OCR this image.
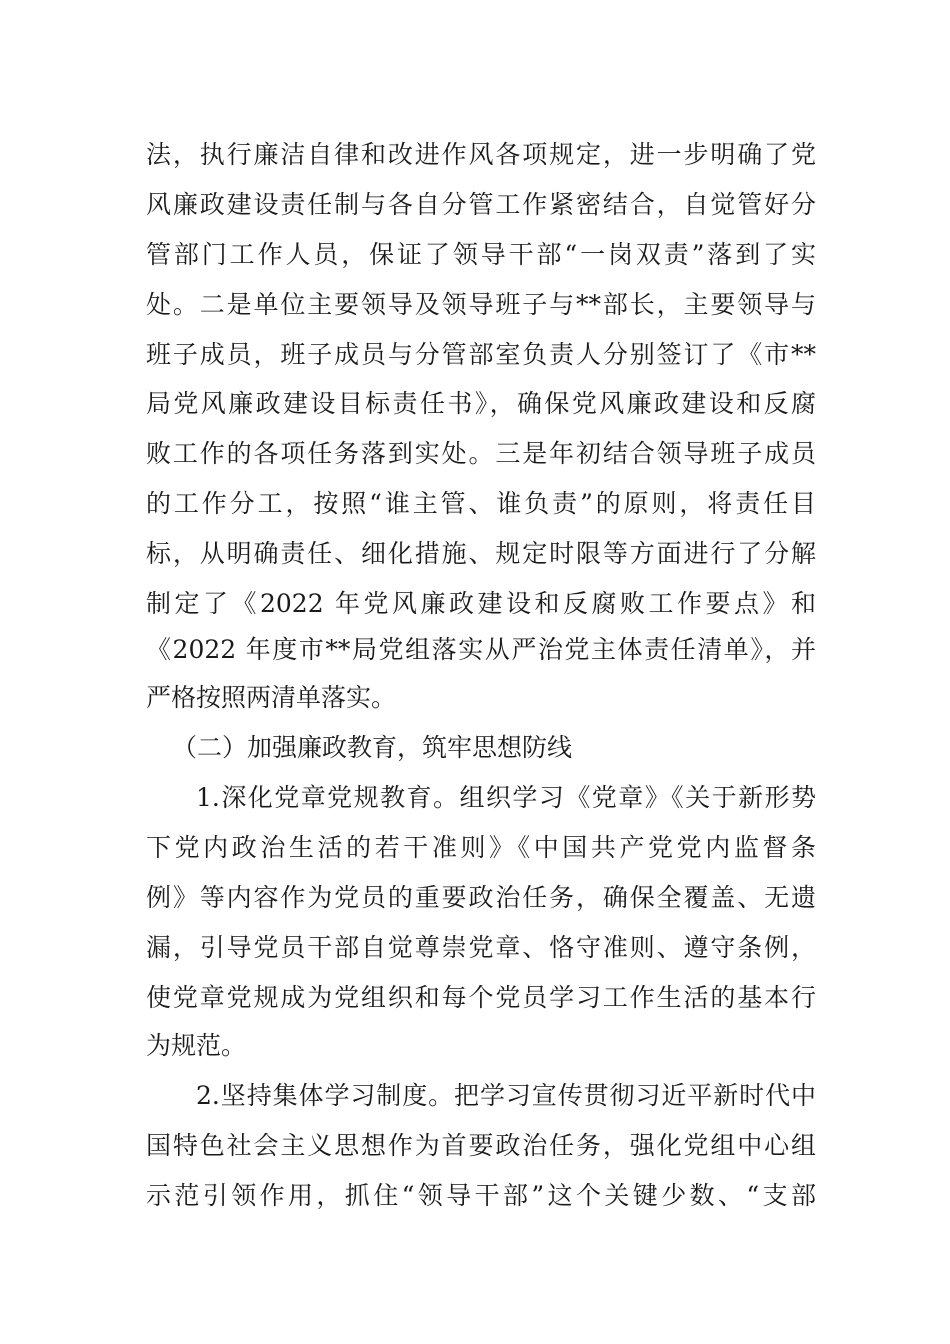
法，执行廉洁自律和改进作风各项规定，进一步明确了党
风廉政建设责任制与各自分管工作紧密结合，自觉管好分
管部门工作人员，保证了领导干部“一岗双责”落到了实
处。二是单位主要领导及领导班子与**部长，主要领导与
班子成员，班子成员与分管部室负责人分别签订了《市**
局党风廉政建设目标责任书》，确保党风廉政建设和反腐
败工作的各项任务落到实处。三是年初结合领导班子成员
的工作分工，按照“谁主管、谁负责”的原则，将责任目
标，从明确责任、细化措施、规定时限等方面进行了分解
制定了《2022 年党风廉政建设和反腐败工作要点》和
《2022 年度市**局党组落实从严治党主体责任清单》，并
严格按照两清单落实。
（二）加强廉政教育，筑牢思想防线
1.深化党章党规教育。组织学习《党章》《关于新形势
下党内政治生活的若干准则》《中国共产党党内监督条
例》等内容作为党员的重要政治任务，确保全覆盖、无遗
漏，引导党员干部自觉尊崇党章、恪守准则、遵守条例，
使党章党规成为党组织和每个党员学习工作生活的基本行
为规范。
2.坚持集体学习制度。把学习宣传贯彻习近平新时代中
国特色社会主义思想作为首要政治任务，强化党组中心组
示范引领作用，抓住“领导干部”这个关键少数、“支部
